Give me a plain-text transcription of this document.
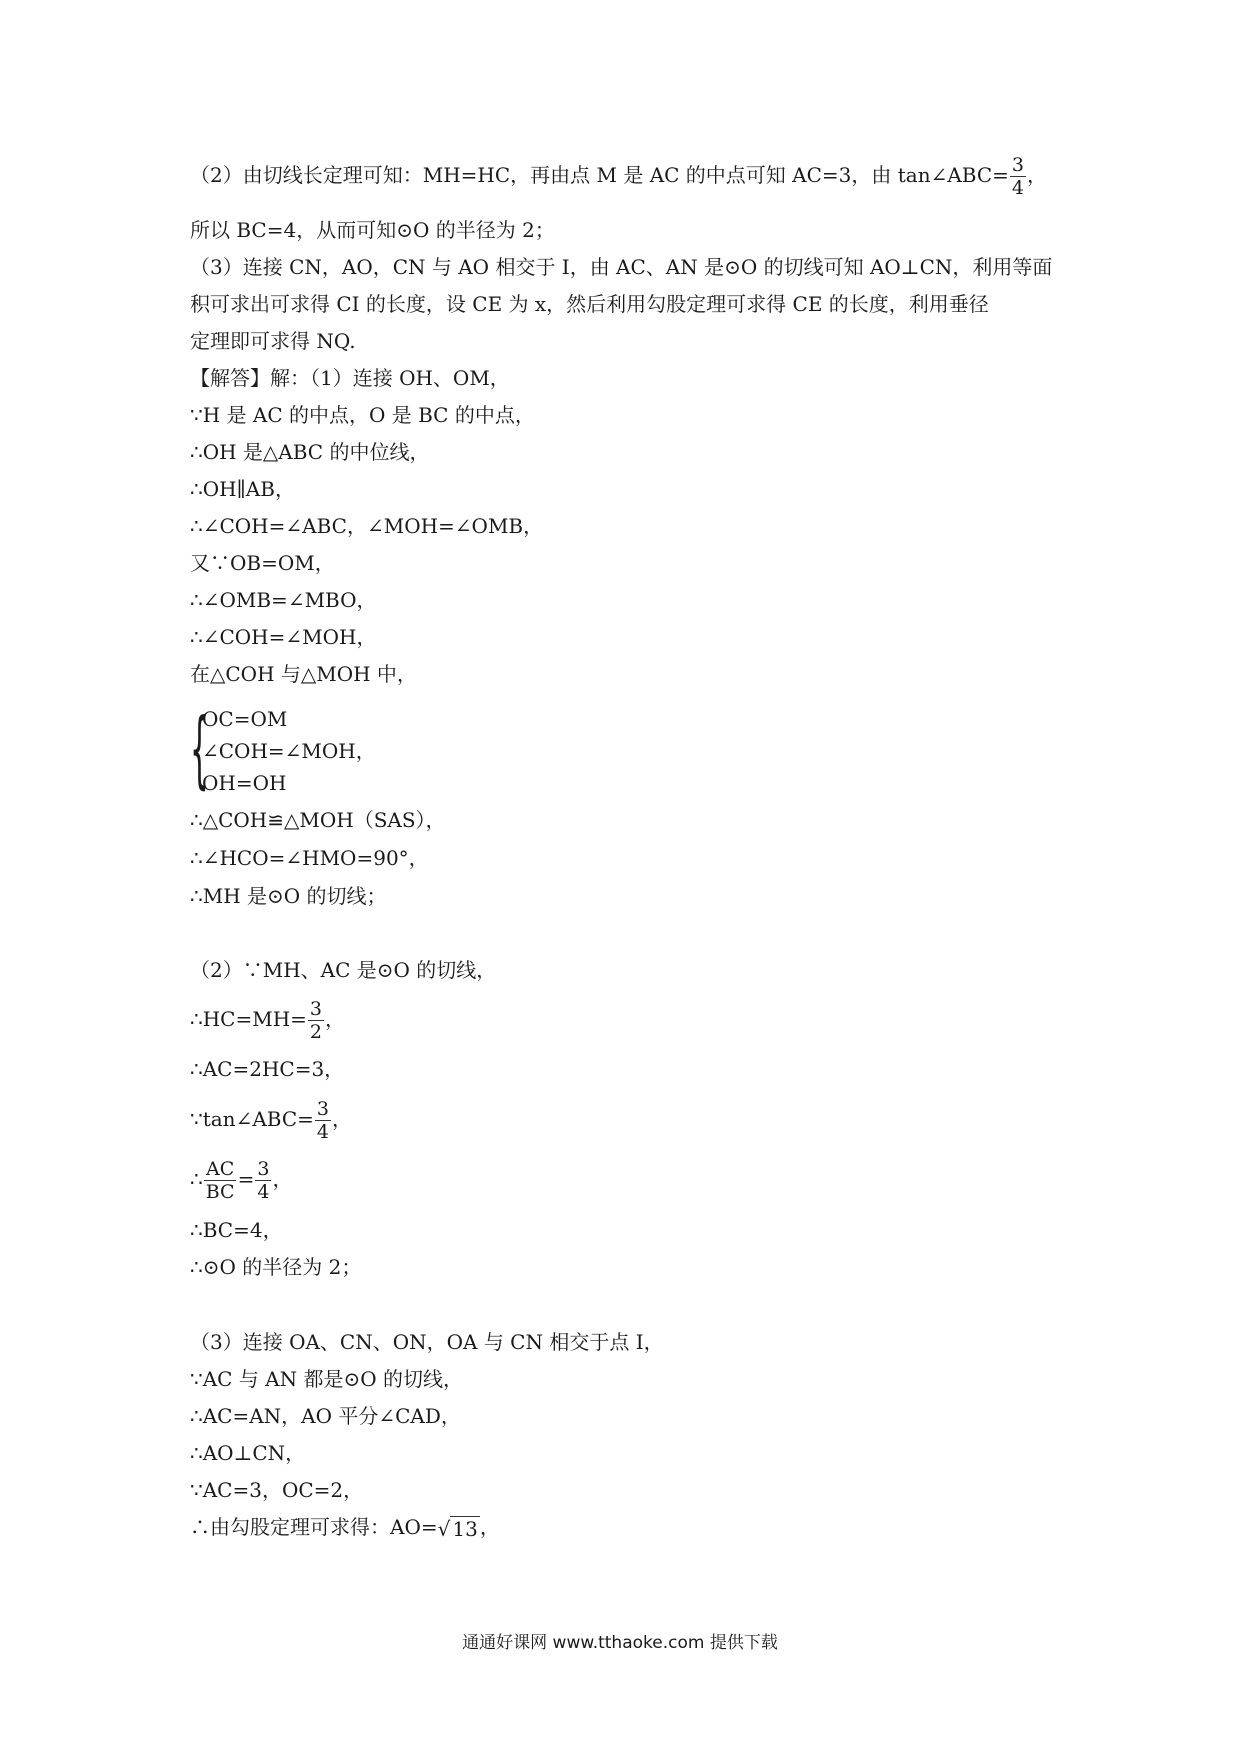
（2）由切线长定理可知：MH=HC，再由点 M 是 AC 的中点可知 AC=3，由 tan∠ABC= $\frac{3}{4}$ ，
所以 BC=4，从而可知⊙O 的半径为 2；
（3）连接 CN，AO，CN 与 AO 相交于 I，由 AC、AN 是⊙O 的切线可知 AO⊥CN，利用等面
积可求出可求得 CI 的长度，设 CE 为 x，然后利用勾股定理可求得 CE 的长度，利用垂径
定理即可求得 NQ.
【解答】解：（1）连接 OH、OM，
∵H 是 AC 的中点，O 是 BC 的中点，
∴OH 是△ABC 的中位线，
∴OH∥AB，
∴∠COH=∠ABC，∠MOH=∠OMB，
又∵OB=OM，
∴∠OMB=∠MBO，
∴∠COH=∠MOH，
在△COH 与△MOH 中，
{
OC=OM
∠COH=∠MOH，
OH=OH
∴△COH≌△MOH（SAS），
∴∠HCO=∠HMO=90°，
∴MH 是⊙O 的切线；
（2）∵MH、AC 是⊙O 的切线，
∴HC=MH= $\frac{3}{2}$ ，
∴AC=2HC=3，
∵tan∠ABC= $\frac{3}{4}$ ，
∴ $\frac{AC}{BC} = \frac{3}{4}$ ，
∴BC=4，
∴⊙O 的半径为 2；
（3）连接 OA、CN、ON，OA 与 CN 相交于点 I，
∵AC 与 AN 都是⊙O 的切线，
∴AC=AN，AO 平分∠CAD，
∴AO⊥CN，
∵AC=3，OC=2，
∴由勾股定理可求得：AO=√ 13 ，
通通好课网 www.tthaoke.com 提供下载
